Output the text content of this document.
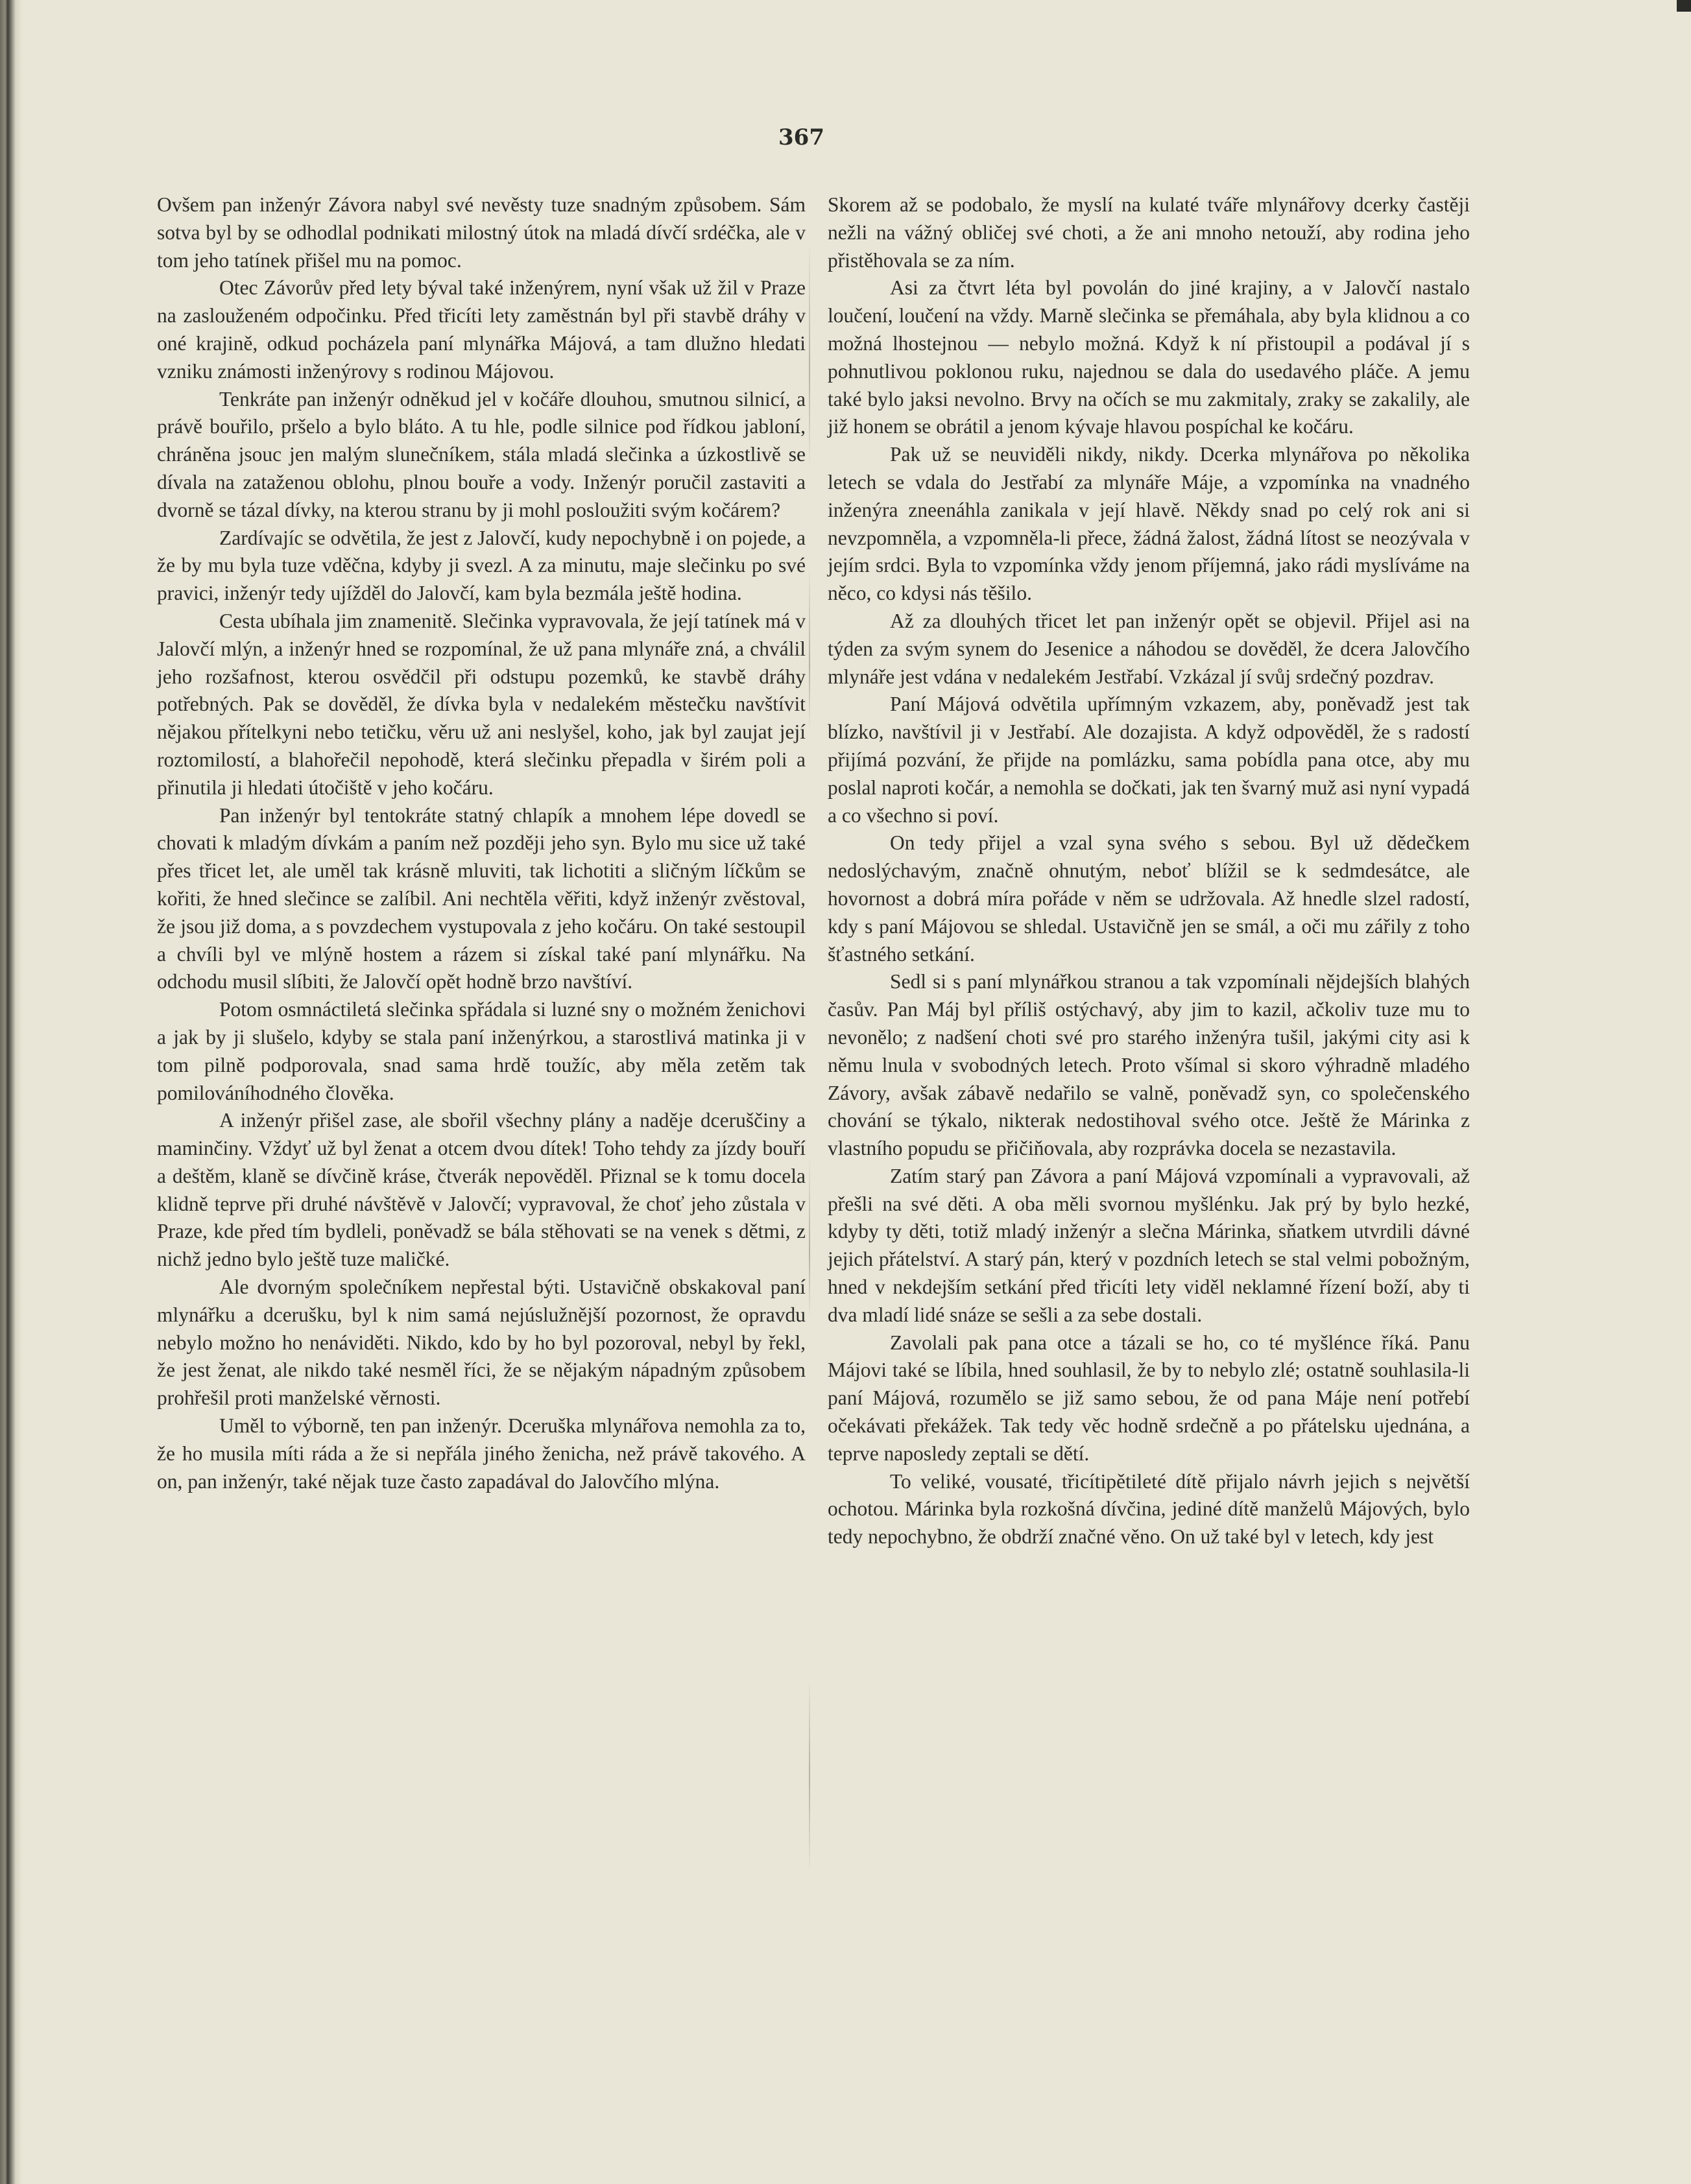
367

Ovšem pan inženýr Závora nabyl své nevěsty tuze snadným způsobem. Sám sotva byl by se odhodlal podnikati milostný útok na mladá dívčí srdéčka, ale v tom jeho tatínek přišel mu na pomoc.

Otec Závorův před lety býval také inženýrem, nyní však už žil v Praze na zaslouženém odpočinku. Před třicíti lety zaměstnán byl při stavbě dráhy v oné krajině, odkud pocházela paní mlynářka Májová, a tam dlužno hledati vzniku známosti inženýrovy s rodinou Májovou.

Tenkráte pan inženýr odněkud jel v kočáře dlouhou, smutnou silnicí, a právě bouřilo, pršelo a bylo bláto. A tu hle, podle silnice pod řídkou jabloní, chráněna jsouc jen malým slunečníkem, stála mladá slečinka a úzkostlivě se dívala na zataženou oblohu, plnou bouře a vody. Inženýr poručil zastaviti a dvorně se tázal dívky, na kterou stranu by ji mohl posloužiti svým kočárem?

Zardívajíc se odvětila, že jest z Jalovčí, kudy nepochybně i on pojede, a že by mu byla tuze vděčna, kdyby ji svezl. A za minutu, maje slečinku po své pravici, inženýr tedy ujížděl do Jalovčí, kam byla bezmála ještě hodina.

Cesta ubíhala jim znamenitě. Slečinka vypravovala, že její tatínek má v Jalovčí mlýn, a inženýr hned se rozpomínal, že už pana mlynáře zná, a chválil jeho rozšafnost, kterou osvědčil při odstupu pozemků, ke stavbě dráhy potřebných. Pak se dověděl, že dívka byla v nedalekém městečku navštívit nějakou přítelkyni nebo tetičku, věru už ani neslyšel, koho, jak byl zaujat její roztomilostí, a blahořečil nepohodě, která slečinku přepadla v širém poli a přinutila ji hledati útočiště v jeho kočáru.

Pan inženýr byl tentokráte statný chlapík a mnohem lépe dovedl se chovati k mladým dívkám a paním než později jeho syn. Bylo mu sice už také přes třicet let, ale uměl tak krásně mluviti, tak lichotiti a sličným líčkům se kořiti, že hned slečince se zalíbil. Ani nechtěla věřiti, když inženýr zvěstoval, že jsou již doma, a s povzdechem vystupovala z jeho kočáru. On také sestoupil a chvíli byl ve mlýně hostem a rázem si získal také paní mlynářku. Na odchodu musil slíbiti, že Jalovčí opět hodně brzo navštíví.

Potom osmnáctiletá slečinka spřádala si luzné sny o možném ženichovi a jak by ji slušelo, kdyby se stala paní inženýrkou, a starostlivá matinka ji v tom pilně podporovala, snad sama hrdě toužíc, aby měla zetěm tak pomilováníhodného člověka.

A inženýr přišel zase, ale sbořil všechny plány a naděje dceruščiny a maminčiny. Vždyť už byl ženat a otcem dvou dítek! Toho tehdy za jízdy bouří a deštěm, klaně se dívčině kráse, čtverák nepověděl. Přiznal se k tomu docela klidně teprve při druhé návštěvě v Jalovčí; vypravoval, že choť jeho zůstala v Praze, kde před tím bydleli, poněvadž se bála stěhovati se na venek s dětmi, z nichž jedno bylo ještě tuze maličké.

Ale dvorným společníkem nepřestal býti. Ustavičně obskakoval paní mlynářku a dcerušku, byl k nim samá nejúslužnější pozornost, že opravdu nebylo možno ho nenáviděti. Nikdo, kdo by ho byl pozoroval, nebyl by řekl, že jest ženat, ale nikdo také nesměl říci, že se nějakým nápadným způsobem prohřešil proti manželské věrnosti.

Uměl to výborně, ten pan inženýr. Dceruška mlynářova nemohla za to, že ho musila míti ráda a že si nepřála jiného ženicha, než právě takového. A on, pan inženýr, také nějak tuze často zapadával do Jalovčího mlýna.

Skorem až se podobalo, že myslí na kulaté tváře mlynářovy dcerky častěji nežli na vážný obličej své choti, a že ani mnoho netouží, aby rodina jeho přistěhovala se za ním.

Asi za čtvrt léta byl povolán do jiné krajiny, a v Jalovčí nastalo loučení, loučení na vždy. Marně slečinka se přemáhala, aby byla klidnou a co možná lhostejnou — nebylo možná. Když k ní přistoupil a podával jí s pohnutlivou poklonou ruku, najednou se dala do usedavého pláče. A jemu také bylo jaksi nevolno. Brvy na očích se mu zakmitaly, zraky se zakalily, ale již honem se obrátil a jenom kývaje hlavou pospíchal ke kočáru.

Pak už se neuviděli nikdy, nikdy. Dcerka mlynářova po několika letech se vdala do Jestřabí za mlynáře Máje, a vzpomínka na vnadného inženýra zneenáhla zanikala v její hlavě. Někdy snad po celý rok ani si nevzpomněla, a vzpomněla-li přece, žádná žalost, žádná lítost se neozývala v jejím srdci. Byla to vzpomínka vždy jenom příjemná, jako rádi myslíváme na něco, co kdysi nás těšilo.

Až za dlouhých třicet let pan inženýr opět se objevil. Přijel asi na týden za svým synem do Jesenice a náhodou se dověděl, že dcera Jalovčího mlynáře jest vdána v nedalekém Jestřabí. Vzkázal jí svůj srdečný pozdrav.

Paní Májová odvětila upřímným vzkazem, aby, poněvadž jest tak blízko, navštívil ji v Jestřabí. Ale dozajista. A když odpověděl, že s radostí přijímá pozvání, že přijde na pomlázku, sama pobídla pana otce, aby mu poslal naproti kočár, a nemohla se dočkati, jak ten švarný muž asi nyní vypadá a co všechno si poví.

On tedy přijel a vzal syna svého s sebou. Byl už dědečkem nedoslýchavým, značně ohnutým, neboť blížil se k sedmdesátce, ale hovornost a dobrá míra pořáde v něm se udržovala. Až hnedle slzel radostí, kdy s paní Májovou se shledal. Ustavičně jen se smál, a oči mu zářily z toho šťastného setkání.

Sedl si s paní mlynářkou stranou a tak vzpomínali nějdejších blahých časův. Pan Máj byl příliš ostýchavý, aby jim to kazil, ačkoliv tuze mu to nevonělo; z nadšení choti své pro starého inženýra tušil, jakými city asi k němu lnula v svobodných letech. Proto všímal si skoro výhradně mladého Závory, avšak zábavě nedařilo se valně, poněvadž syn, co společenského chování se týkalo, nikterak nedostihoval svého otce. Ještě že Márinka z vlastního popudu se přičiňovala, aby rozprávka docela se nezastavila.

Zatím starý pan Závora a paní Májová vzpomínali a vypravovali, až přešli na své děti. A oba měli svornou myšlénku. Jak prý by bylo hezké, kdyby ty děti, totiž mladý inženýr a slečna Márinka, sňatkem utvrdili dávné jejich přátelství. A starý pán, který v pozdních letech se stal velmi pobožným, hned v nekdejším setkání před třicíti lety viděl neklamné řízení boží, aby ti dva mladí lidé snáze se sešli a za sebe dostali.

Zavolali pak pana otce a tázali se ho, co té myšlénce říká. Panu Májovi také se líbila, hned souhlasil, že by to nebylo zlé; ostatně souhlasila-li paní Májová, rozumělo se již samo sebou, že od pana Máje není potřebí očekávati překážek. Tak tedy věc hodně srdečně a po přátelsku ujednána, a teprve naposledy zeptali se dětí.

To veliké, vousaté, třicítipětileté dítě přijalo návrh jejich s největší ochotou. Márinka byla rozkošná dívčina, jediné dítě manželů Májových, bylo tedy nepochybno, že obdrží značné věno. On už také byl v letech, kdy jest
